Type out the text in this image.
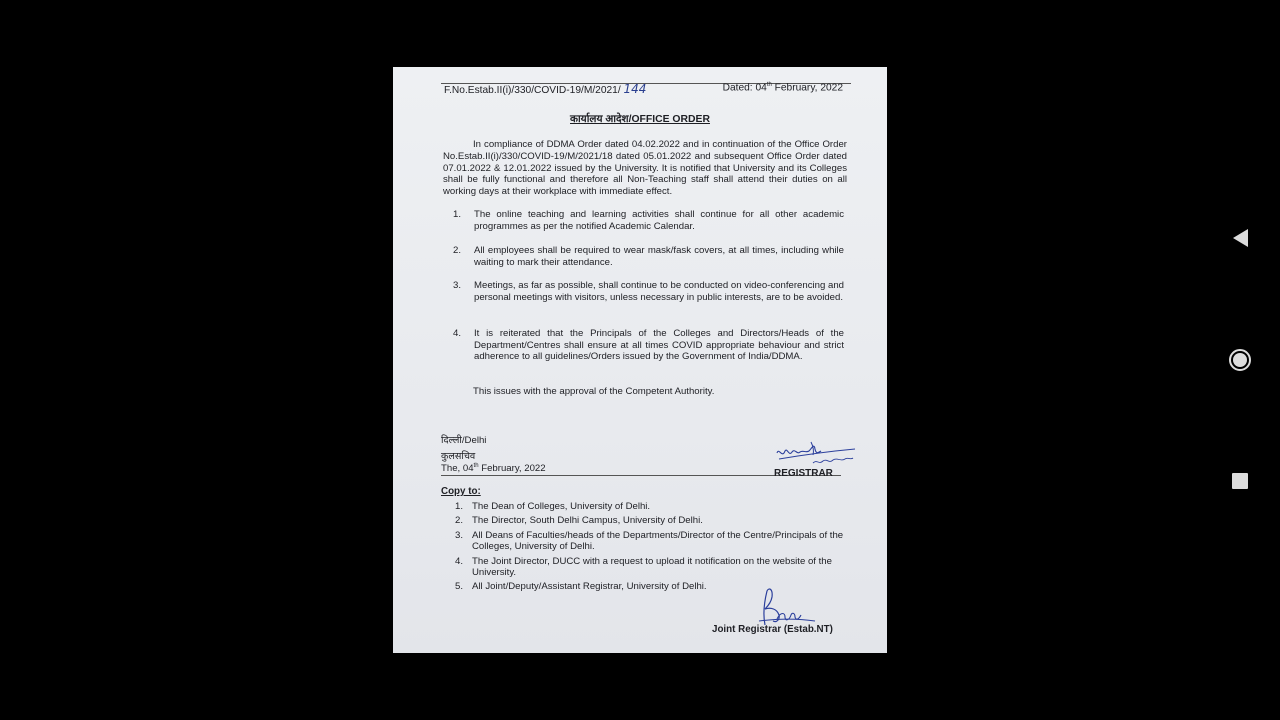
F.No.Estab.II(i)/330/COVID-19/M/2021/ 144	Dated: 04th February, 2022
कार्यालय आदेश/OFFICE ORDER
In compliance of DDMA Order dated 04.02.2022 and in continuation of the Office Order No.Estab.II(i)/330/COVID-19/M/2021/18 dated 05.01.2022 and subsequent Office Order dated 07.01.2022 & 12.01.2022 issued by the University. It is notified that University and its Colleges shall be fully functional and therefore all Non-Teaching staff shall attend their duties on all working days at their workplace with immediate effect.
1.	The online teaching and learning activities shall continue for all other academic programmes as per the notified Academic Calendar.
2.	All employees shall be required to wear mask/fask covers, at all times, including while waiting to mark their attendance.
3.	Meetings, as far as possible, shall continue to be conducted on video-conferencing and personal meetings with visitors, unless necessary in public interests, are to be avoided.
4.	It is reiterated that the Principals of the Colleges and Directors/Heads of the Department/Centres shall ensure at all times COVID appropriate behaviour and strict adherence to all guidelines/Orders issued by the Government of India/DDMA.
This issues with the approval of the Competent Authority.
दिल्ली/Delhi
कुलसचिव
The, 04th February, 2022	REGISTRAR
Copy to:
1. The Dean of Colleges, University of Delhi.
2. The Director, South Delhi Campus, University of Delhi.
3. All Deans of Faculties/heads of the Departments/Director of the Centre/Principals of the Colleges, University of Delhi.
4. The Joint Director, DUCC with a request to upload it notification on the website of the University.
5. All Joint/Deputy/Assistant Registrar, University of Delhi.
Joint Registrar (Estab.NT)
